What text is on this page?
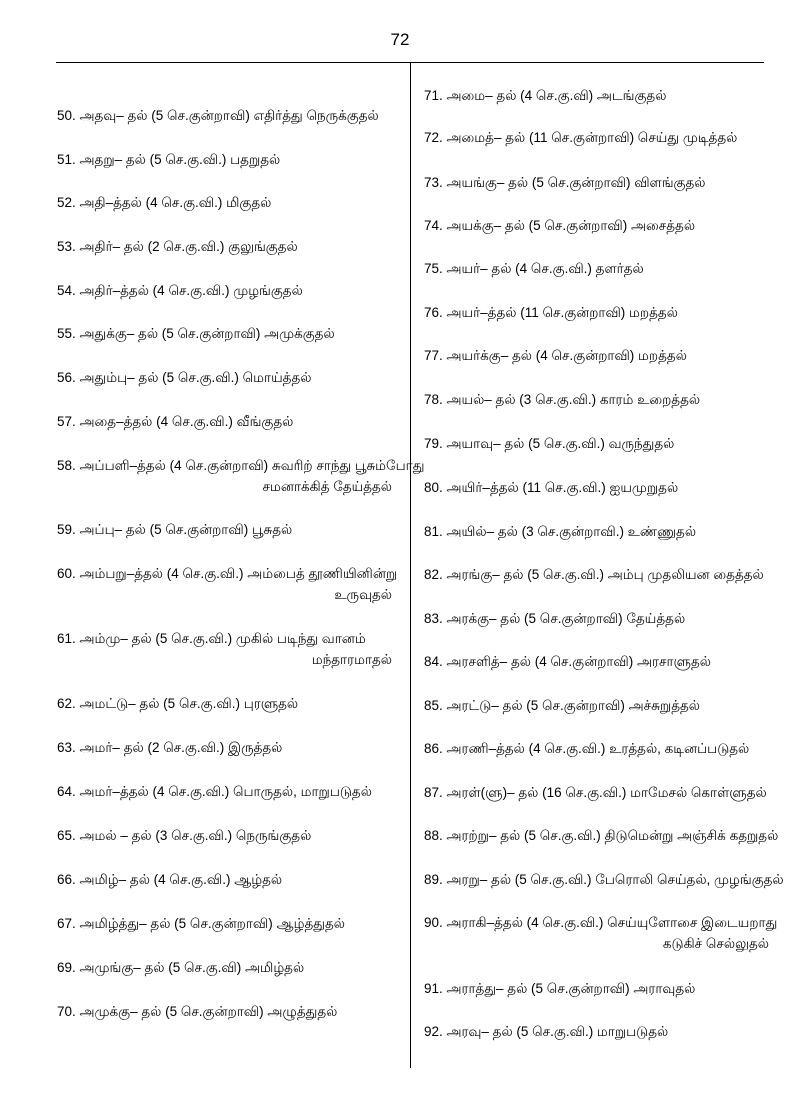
72
50. அதவு– தல் (5 செ.குன்றாவி) எதிர்த்து நெருக்குதல்
51. அதறு– தல் (5 செ.கு.வி.) பதறுதல்
52. அதி–த்தல் (4 செ.கு.வி.) மிகுதல்
53. அதிர்– தல் (2 செ.கு.வி.) குலுங்குதல்
54. அதிர்–த்தல் (4 செ.கு.வி.) முழங்குதல்
55. அதுக்கு– தல் (5 செ.குன்றாவி) அமுக்குதல்
56. அதும்பு– தல் (5 செ.கு.வி.) மொய்த்தல்
57. அதை–த்தல் (4 செ.கு.வி.) வீங்குதல்
58. அப்பளி–த்தல் (4 செ.குன்றாவி) சுவரிற் சாந்து பூசும்போது
சமனாக்கித் தேய்த்தல்
59. அப்பு– தல் (5 செ.குன்றாவி) பூசுதல்
60. அம்பறு–த்தல் (4 செ.கு.வி.) அம்பைத் தூணியினின்று
உருவுதல்
61. அம்மு– தல் (5 செ.கு.வி.) முகில் படிந்து வானம்
மந்தாரமாதல்
62. அமட்டு– தல் (5 செ.கு.வி.) புரளுதல்
63. அமர்– தல் (2 செ.கு.வி.) இருத்தல்
64. அமர்–த்தல் (4 செ.கு.வி.) பொருதல், மாறுபடுதல்
65. அமல் – தல் (3 செ.கு.வி.) நெருங்குதல்
66. அமிழ்– தல் (4 செ.கு.வி.) ஆழ்தல்
67. அமிழ்த்து– தல் (5 செ.குன்றாவி) ஆழ்த்துதல்
69. அமுங்கு– தல் (5 செ.கு.வி) அமிழ்தல்
70. அமுக்கு– தல் (5 செ.குன்றாவி) அழுத்துதல்
71. அமை– தல் (4 செ.கு.வி) அடங்குதல்
72. அமைத்– தல் (11 செ.குன்றாவி) செய்து முடித்தல்
73. அயங்கு– தல் (5 செ.குன்றாவி) விளங்குதல்
74. அயக்கு– தல் (5 செ.குன்றாவி) அசைத்தல்
75. அயர்– தல் (4 செ.கு.வி.) தளர்தல்
76. அயர்–த்தல் (11 செ.குன்றாவி) மறத்தல்
77. அயர்க்கு– தல் (4 செ.குன்றாவி) மறத்தல்
78. அயல்– தல் (3 செ.கு.வி.) காரம் உறைத்தல்
79. அயாவு– தல் (5 செ.கு.வி.) வருந்துதல்
80. அயிர்–த்தல் (11 செ.கு.வி.) ஐயமுறுதல்
81. அயில்– தல் (3 செ.குன்றாவி.) உண்ணுதல்
82. அரங்கு– தல் (5 செ.கு.வி.) அம்பு முதலியன தைத்தல்
83. அரக்கு– தல் (5 செ.குன்றாவி) தேய்த்தல்
84. அரசளித்– தல் (4 செ.குன்றாவி) அரசாளுதல்
85. அரட்டு– தல் (5 செ.குன்றாவி) அச்சுறுத்தல்
86. அரணி–த்தல் (4 செ.கு.வி.) உரத்தல், கடினப்படுதல்
87. அரள்(ளு)– தல் (16 செ.கு.வி.) மாமேசல் கொள்ளுதல்
88. அரற்று– தல் (5 செ.கு.வி.) திடுமென்று அஞ்சிக் கதறுதல்
89. அரறு– தல் (5 செ.கு.வி.) பேரொலி செய்தல், முழங்குதல்
90. அராகி–த்தல் (4 செ.கு.வி.) செய்யுளோசை இடையறாது
கடுகிச் செல்லுதல்
91. அராத்து– தல் (5 செ.குன்றாவி) அராவுதல்
92. அரவு– தல் (5 செ.கு.வி.) மாறுபடுதல்
